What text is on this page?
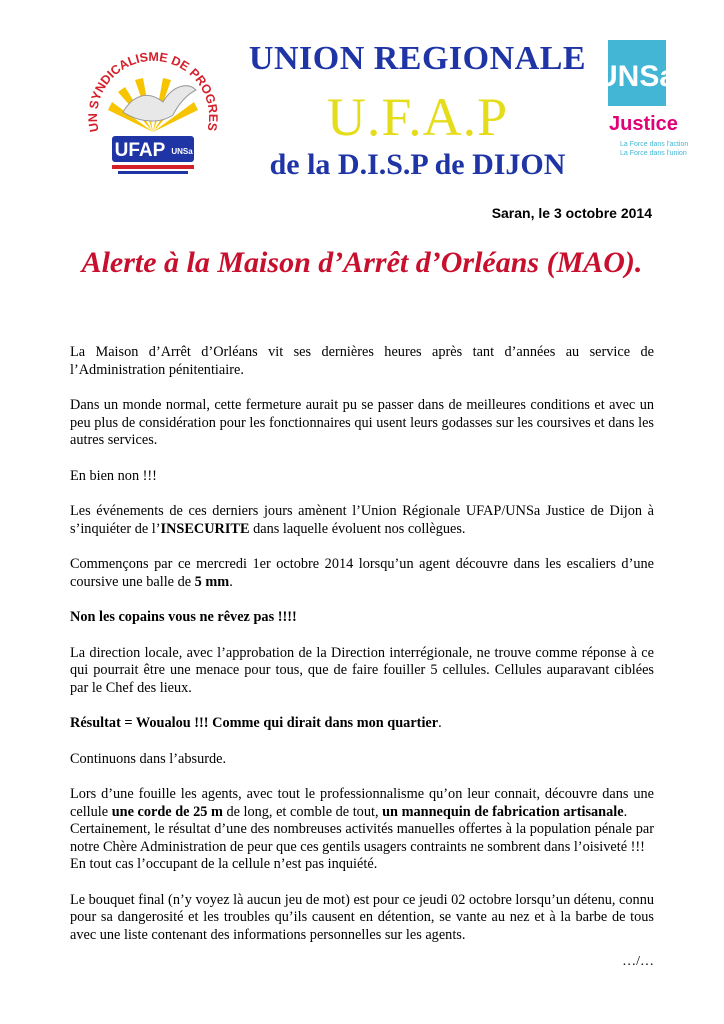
UN SYNDICALISME DE PROGRES
UFAP UNSa
UNION REGIONALE
U.F.A.P
de la D.I.S.P de DIJON
UNSa
Justice
La Force dans l'action
La Force dans l'union
Saran, le 3 octobre 2014
Alerte à la Maison d’Arrêt d’Orléans (MAO).

La Maison d’Arrêt d’Orléans vit ses dernières heures après tant d’années au service de l’Administration pénitentiaire.

Dans un monde normal, cette fermeture aurait pu se passer dans de meilleures conditions et avec un peu plus de considération pour les fonctionnaires qui usent leurs godasses sur les coursives et dans les autres services.

En bien non !!!

Les événements de ces derniers jours amènent l’Union Régionale UFAP/UNSa Justice de Dijon à s’inquiéter de l’INSECURITE dans laquelle évoluent nos collègues.

Commençons par ce mercredi 1er octobre 2014 lorsqu’un agent découvre dans les escaliers d’une coursive une balle de 5 mm.

Non les copains vous ne rêvez pas !!!!

La direction locale, avec l’approbation de la Direction interrégionale, ne trouve comme réponse à ce qui pourrait être une menace pour tous, que de faire fouiller 5 cellules. Cellules auparavant ciblées par le Chef des lieux.

Résultat = Woualou !!! Comme qui dirait dans mon quartier.

Continuons dans l’absurde.

Lors d’une fouille les agents, avec tout le professionnalisme qu’on leur connait, découvre dans une cellule une corde de 25 m de long, et comble de tout, un mannequin de fabrication artisanale.
Certainement, le résultat d’une des nombreuses activités manuelles offertes à la population pénale par notre Chère Administration de peur que ces gentils usagers contraints ne sombrent dans l’oisiveté !!!
En tout cas l’occupant de la cellule n’est pas inquiété.

Le bouquet final (n’y voyez là aucun jeu de mot) est pour ce jeudi 02 octobre lorsqu’un détenu, connu pour sa dangerosité et les troubles qu’ils causent en détention, se vante au nez et à la barbe de tous avec une liste contenant des informations personnelles sur les agents.

…/…
